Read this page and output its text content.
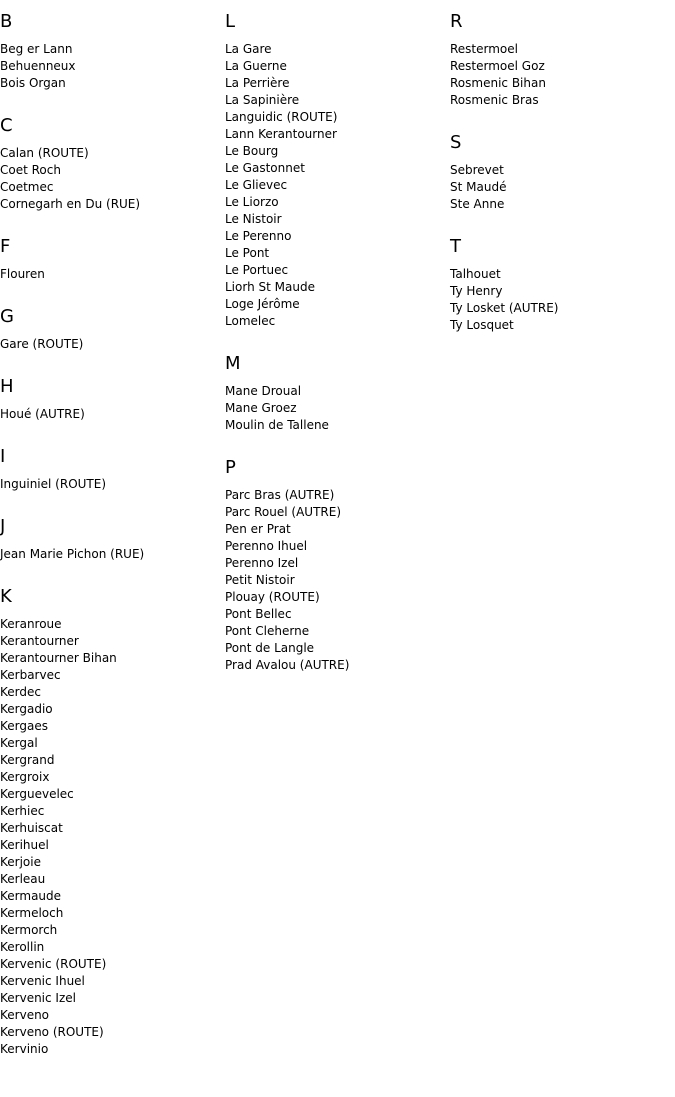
B
Beg er Lann
Behuenneux
Bois Organ
C
Calan (ROUTE)
Coet Roch
Coetmec
Cornegarh en Du (RUE)
F
Flouren
G
Gare (ROUTE)
H
Houé (AUTRE)
I
Inguiniel (ROUTE)
J
Jean Marie Pichon (RUE)
K
Keranroue
Kerantourner
Kerantourner Bihan
Kerbarvec
Kerdec
Kergadio
Kergaes
Kergal
Kergrand
Kergroix
Kerguevelec
Kerhiec
Kerhuiscat
Kerihuel
Kerjoie
Kerleau
Kermaude
Kermeloch
Kermorch
Kerollin
Kervenic (ROUTE)
Kervenic Ihuel
Kervenic Izel
Kerveno
Kerveno (ROUTE)
Kervinio
L
La Gare
La Guerne
La Perrière
La Sapinière
Languidic (ROUTE)
Lann Kerantourner
Le Bourg
Le Gastonnet
Le Glievec
Le Liorzo
Le Nistoir
Le Perenno
Le Pont
Le Portuec
Liorh St Maude
Loge Jérôme
Lomelec
M
Mane Droual
Mane Groez
Moulin de Tallene
P
Parc Bras (AUTRE)
Parc Rouel (AUTRE)
Pen er Prat
Perenno Ihuel
Perenno Izel
Petit Nistoir
Plouay (ROUTE)
Pont Bellec
Pont Cleherne
Pont de Langle
Prad Avalou (AUTRE)
R
Restermoel
Restermoel Goz
Rosmenic Bihan
Rosmenic Bras
S
Sebrevet
St Maudé
Ste Anne
T
Talhouet
Ty Henry
Ty Losket (AUTRE)
Ty Losquet
